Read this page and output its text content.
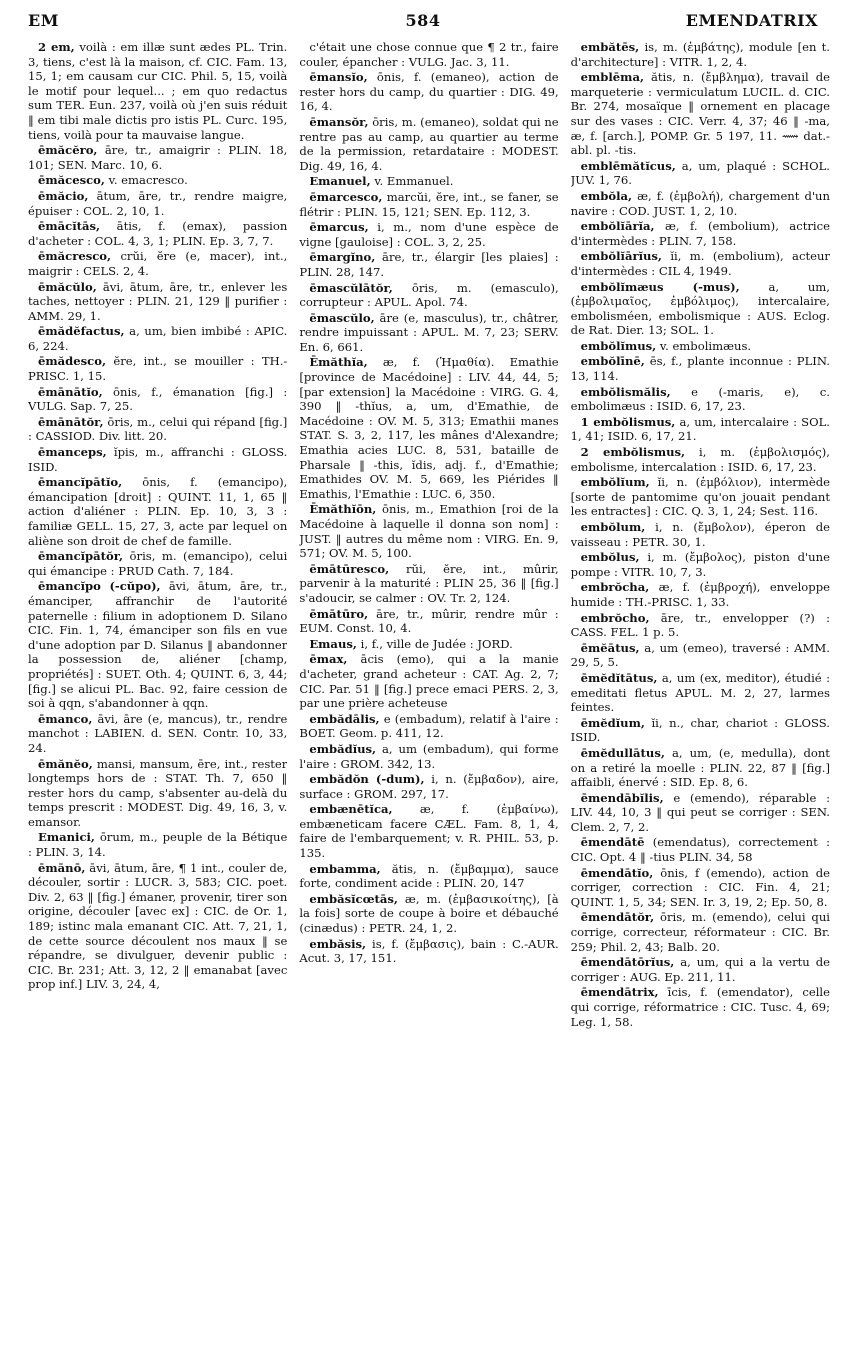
EM	584	EMENDATRIX

2 em, voilà : em illæ sunt ædes PL. Trin. 3, tiens, c'est là la maison, cf. CIC. Fam. 13, 15, 1; em causam cur CIC. Phil. 5, 15, voilà le motif pour lequel... ; em quo redactus sum TER. Eun. 237, voilà où j'en suis réduit ‖ em tibi male dictis pro istis PL. Curc. 195, tiens, voilà pour ta mauvaise langue.

ēmăcĕro, āre, tr., amaigrir : PLIN. 18, 101; SEN. Marc. 10, 6.

ēmăcesco, v. emacresco.

ēmăcio, ātum, āre, tr., rendre maigre, épuiser : COL. 2, 10, 1.

ēmācĭtās, ātis, f. (emax), passion d'acheter : COL. 4, 3, 1; PLIN. Ep. 3, 7, 7.

ēmăcresco, crŭi, ĕre (e, macer), int., maigrir : CELS. 2, 4.

ēmăcŭlo, āvi, ātum, āre, tr., enlever les taches, nettoyer : PLIN. 21, 129 ‖ purifier : AMM. 29, 1.

ēmădĕfactus, a, um, bien imbibé : APIC. 6, 224.

ēmădesco, ĕre, int., se mouiller : TH.-PRISC. 1, 15.

ēmānātĭo, ōnis, f., émanation [fig.] : VULG. Sap. 7, 25.

ēmānātŏr, ōris, m., celui qui répand [fig.] : CASSIOD. Div. litt. 20.

ēmanceps, ĭpis, m., affranchi : GLOSS. ISID.

ēmancĭpātĭo, ōnis, f. (emancipo), émancipation [droit] : QUINT. 11, 1, 65 ‖ action d'aliéner : PLIN. Ep. 10, 3, 3 : familiæ GELL. 15, 27, 3, acte par lequel on aliène son droit de chef de famille.

ēmancĭpātŏr, ōris, m. (emancipo), celui qui émancipe : PRUD Cath. 7, 184.

ēmancĭpo (-cŭpo), āvi, ātum, āre, tr., émanciper, affranchir de l'autorité paternelle : filium in adoptionem D. Silano CIC. Fin. 1, 74, émanciper son fils en vue d'une adoption par D. Silanus ‖ abandonner la possession de, aliéner [champ, propriétés] : SUET. Oth. 4; QUINT. 6, 3, 44; [fig.] se alicui PL. Bac. 92, faire cession de soi à qqn, s'abandonner à qqn.

ēmanco, āvi, āre (e, mancus), tr., rendre manchot : LABIEN. d. SEN. Contr. 10, 33, 24.

ēmănĕo, mansi, mansum, ēre, int., rester longtemps hors de : STAT. Th. 7, 650 ‖ rester hors du camp, s'absenter au-delà du temps prescrit : MODEST. Dig. 49, 16, 3, v. emansor.

Emanici, ōrum, m., peuple de la Bétique : PLIN. 3, 14.

ēmānō, āvi, ātum, āre, ¶ 1 int., couler de, découler, sortir : LUCR. 3, 583; CIC. poet. Div. 2, 63 ‖ [fig.] émaner, provenir, tirer son origine, découler [avec ex] : CIC. de Or. 1, 189; istinc mala emanant CIC. Att. 7, 21, 1, de cette source découlent nos maux ‖ se répandre, se divulguer, devenir public : CIC. Br. 231; Att. 3, 12, 2 ‖ emanabat [avec prop inf.] LIV. 3, 24, 4,

c'était une chose connue que ¶ 2 tr., faire couler, épancher : VULG. Jac. 3, 11.

ēmansĭo, ōnis, f. (emaneo), action de rester hors du camp, du quartier : DIG. 49, 16, 4.

ēmansŏr, ōris, m. (emaneo), soldat qui ne rentre pas au camp, au quartier au terme de la permission, retardataire : MODEST. Dig. 49, 16, 4.

Emanuel, v. Emmanuel.

ēmarcesco, marcŭi, ĕre, int., se faner, se flétrir : PLIN. 15, 121; SEN. Ep. 112, 3.

ēmarcus, i, m., nom d'une espèce de vigne [gauloise] : COL. 3, 2, 25.

ēmargĭno, āre, tr., élargir [les plaies] : PLIN. 28, 147.

ēmascŭlātŏr, ōris, m. (emasculo), corrupteur : APUL. Apol. 74.

ēmascŭlo, āre (e, masculus), tr., châtrer, rendre impuissant : APUL. M. 7, 23; SERV. En. 6, 661.

Ēmăthĭa, æ, f. (Ἠμαθία). Emathie [province de Macédoine] : LIV. 44, 44, 5; [par extension] la Macédoine : VIRG. G. 4, 390 ‖ -thĭus, a, um, d'Emathie, de Macédoine : OV. M. 5, 313; Emathii manes STAT. S. 3, 2, 117, les mânes d'Alexandre; Emathia acies LUC. 8, 531, bataille de Pharsale ‖ -this, ĭdis, adj. f., d'Emathie; Emathides OV. M. 5, 669, les Piérides ‖ Emathis, l'Emathie : LUC. 6, 350.

Ēmăthĭōn, ōnis, m., Emathion [roi de la Macédoine à laquelle il donna son nom] : JUST. ‖ autres du même nom : VIRG. En. 9, 571; OV. M. 5, 100.

ēmātūresco, rŭi, ĕre, int., mûrir, parvenir à la maturité : PLIN 25, 36 ‖ [fig.] s'adoucir, se calmer : OV. Tr. 2, 124.

ēmātūro, āre, tr., mûrir, rendre mûr : EUM. Const. 10, 4.

Emaus, i, f., ville de Judée : JORD.

ēmax, ācis (emo), qui a la manie d'acheter, grand acheteur : CAT. Ag. 2, 7; CIC. Par. 51 ‖ [fig.] prece emaci PERS. 2, 3, par une prière acheteuse

embădālis, e (embadum), relatif à l'aire : BOET. Geom. p. 411, 12.

embădĭus, a, um (embadum), qui forme l'aire : GROM. 342, 13.

embădŏn (-dum), i, n. (ἔμβαδον), aire, surface : GROM. 297, 17.

embænētĭca, æ, f. (ἐμβαίνω), embæneticam facere CÆL. Fam. 8, 1, 4, faire de l'embarquement; v. R. PHIL. 53, p. 135.

embamma, ătis, n. (ἔμβαμμα), sauce forte, condiment acide : PLIN. 20, 147

embăsĭcœtās, æ, m. (ἐμβασικοίτης), [à la fois] sorte de coupe à boire et débauché (cinædus) : PETR. 24, 1, 2.

embăsis, is, f. (ἔμβασις), bain : C.-AUR. Acut. 3, 17, 151.

embătēs, is, m. (ἐμβάτης), module [en t. d'architecture] : VITR. 1, 2, 4.

emblēma, ătis, n. (ἔμβλημα), travail de marqueterie : vermiculatum LUCIL. d. CIC. Br. 274, mosaïque ‖ ornement en placage sur des vases : CIC. Verr. 4, 37; 46 ‖ -ma, æ, f. [arch.], POMP. Gr. 5 197, 11. ⟿ dat.-abl. pl. -tis.

emblēmătĭcus, a, um, plaqué : SCHOL. JUV. 1, 76.

embŏla, æ, f. (ἐμβολή), chargement d'un navire : COD. JUST. 1, 2, 10.

embŏlĭārĭa, æ, f. (embolium), actrice d'intermèdes : PLIN. 7, 158.

embŏlĭārĭus, ĭi, m. (embolium), acteur d'intermèdes : CIL 4, 1949.

embŏlĭmæus (-mus), a, um, (ἐμβολιμαῖος, ἐμβόλιμος), intercalaire, embolisméen, embolismique : AUS. Eclog. de Rat. Dier. 13; SOL. 1.

embŏlĭmus, v. embolimæus.

embŏlīnē, ēs, f., plante inconnue : PLIN. 13, 114.

embŏlismălis, e (-maris, e), c. embolimæus : ISID. 6, 17, 23.

1 embŏlismus, a, um, intercalaire : SOL. 1, 41; ISID. 6, 17, 21.

2 embŏlismus, i, m. (ἐμβολισμός), embolisme, intercalation : ISID. 6, 17, 23.

embŏlĭum, ĭi, n. (ἐμβόλιον), intermède [sorte de pantomime qu'on jouait pendant les entractes] : CIC. Q. 3, 1, 24; Sest. 116.

embŏlum, i, n. (ἔμβολον), éperon de vaisseau : PETR. 30, 1.

embŏlus, i, m. (ἔμβολος), piston d'une pompe : VITR. 10, 7, 3.

embrŏcha, æ, f. (ἐμβροχή), enveloppe humide : TH.-PRISC. 1, 33.

embrŏcho, āre, tr., envelopper (?) : CASS. FEL. 1 p. 5.

ēmĕātus, a, um (emeo), traversé : AMM. 29, 5, 5.

ēmĕdĭtātus, a, um (ex, meditor), étudié : emeditati fletus APUL. M. 2, 27, larmes feintes.

ēmĕdĭum, ĭi, n., char, chariot : GLOSS. ISID.

ēmĕdullātus, a, um, (e, medulla), dont on a retiré la moelle : PLIN. 22, 87 ‖ [fig.] affaibli, énervé : SID. Ep. 8, 6.

ēmendābĭlis, e (emendo), réparable : LIV. 44, 10, 3 ‖ qui peut se corriger : SEN. Clem. 2, 7, 2.

ēmendātē (emendatus), correctement : CIC. Opt. 4 ‖ -tius PLIN. 34, 58

ēmendātĭo, ōnis, f (emendo), action de corriger, correction : CIC. Fin. 4, 21; QUINT. 1, 5, 34; SEN. Ir. 3, 19, 2; Ep. 50, 8.

ēmendātŏr, ōris, m. (emendo), celui qui corrige, correcteur, réformateur : CIC. Br. 259; Phil. 2, 43; Balb. 20.

ēmendātōrĭus, a, um, qui a la vertu de corriger : AUG. Ep. 211, 11.

ēmendātrix, īcis, f. (emendator), celle qui corrige, réformatrice : CIC. Tusc. 4, 69; Leg. 1, 58.
